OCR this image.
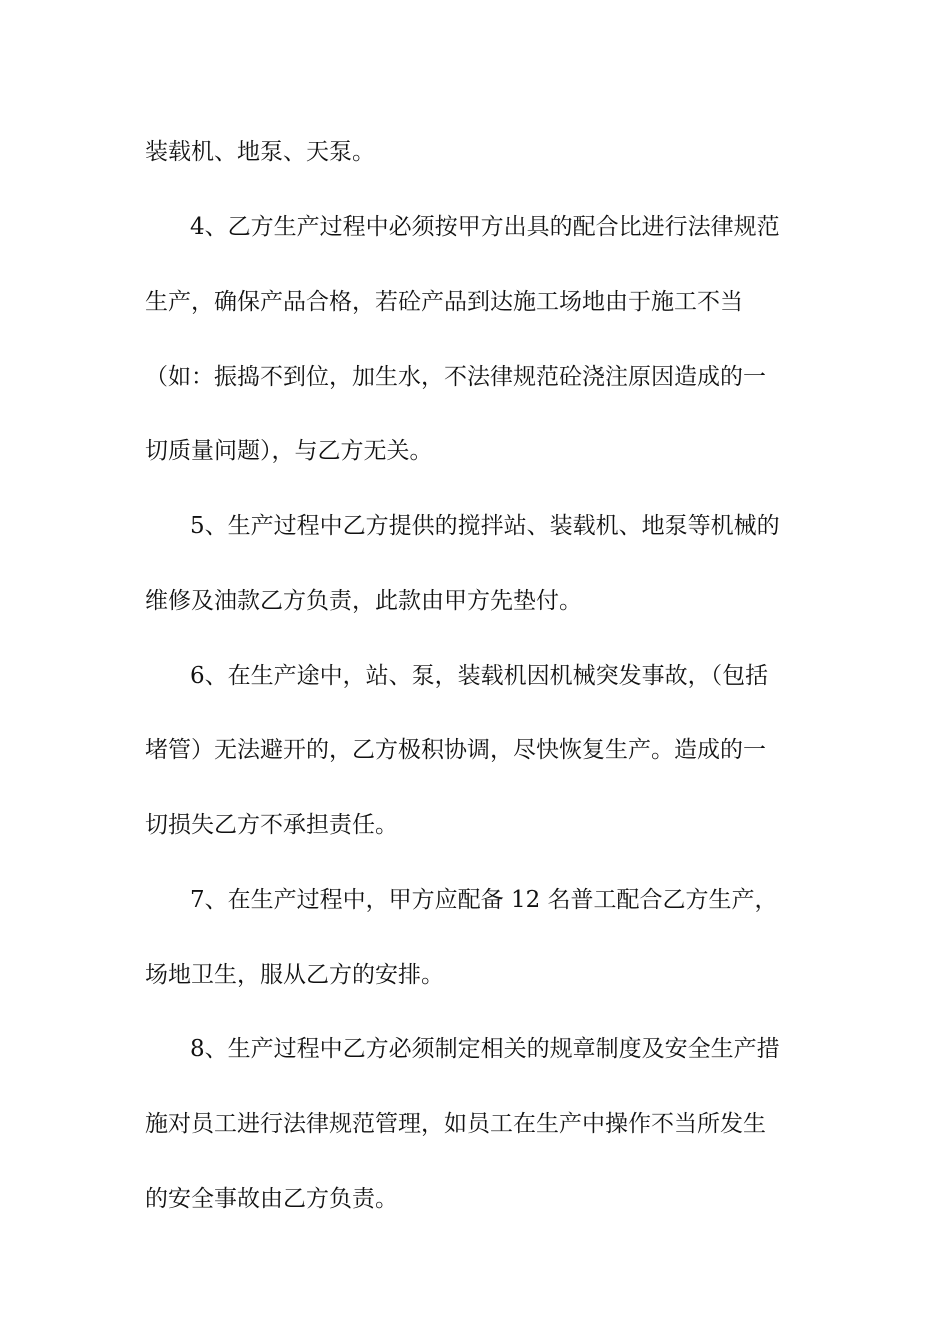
装载机、地泵、天泵。
4、乙方生产过程中必须按甲方出具的配合比进行法律规范
生产，确保产品合格，若砼产品到达施工场地由于施工不当
（如：振捣不到位，加生水，不法律规范砼浇注原因造成的一
切质量问题），与乙方无关。
5、生产过程中乙方提供的搅拌站、装载机、地泵等机械的
维修及油款乙方负责，此款由甲方先垫付。
6、在生产途中，站、泵，装载机因机械突发事故，（包括
堵管）无法避开的，乙方极积协调，尽快恢复生产。造成的一
切损失乙方不承担责任。
7、在生产过程中，甲方应配备 12 名普工配合乙方生产，
场地卫生，服从乙方的安排。
8、生产过程中乙方必须制定相关的规章制度及安全生产措
施对员工进行法律规范管理，如员工在生产中操作不当所发生
的安全事故由乙方负责。
